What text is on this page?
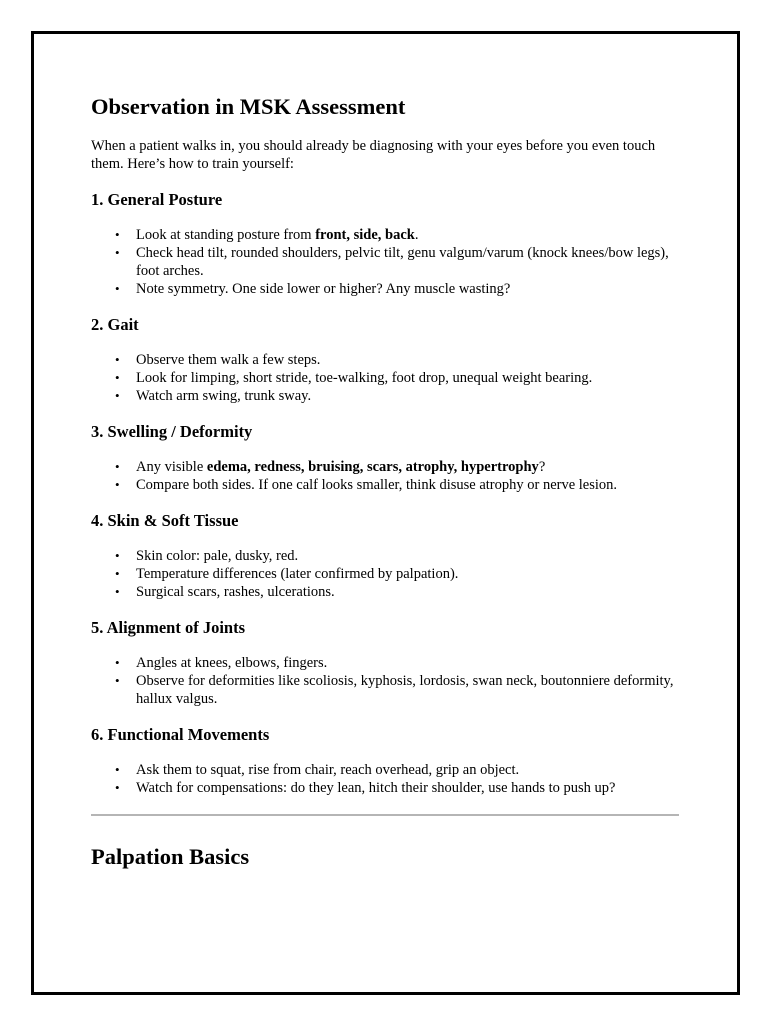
Observation in MSK Assessment

When a patient walks in, you should already be diagnosing with your eyes before you even touch them. Here’s how to train yourself:

1. General Posture
• Look at standing posture from front, side, back.
• Check head tilt, rounded shoulders, pelvic tilt, genu valgum/varum (knock knees/bow legs), foot arches.
• Note symmetry. One side lower or higher? Any muscle wasting?
2. Gait
• Observe them walk a few steps.
• Look for limping, short stride, toe-walking, foot drop, unequal weight bearing.
• Watch arm swing, trunk sway.
3. Swelling / Deformity
• Any visible edema, redness, bruising, scars, atrophy, hypertrophy?
• Compare both sides. If one calf looks smaller, think disuse atrophy or nerve lesion.
4. Skin & Soft Tissue
• Skin color: pale, dusky, red.
• Temperature differences (later confirmed by palpation).
• Surgical scars, rashes, ulcerations.
5. Alignment of Joints
• Angles at knees, elbows, fingers.
• Observe for deformities like scoliosis, kyphosis, lordosis, swan neck, boutonniere deformity, hallux valgus.
6. Functional Movements
• Ask them to squat, rise from chair, reach overhead, grip an object.
• Watch for compensations: do they lean, hitch their shoulder, use hands to push up?
Palpation Basics
